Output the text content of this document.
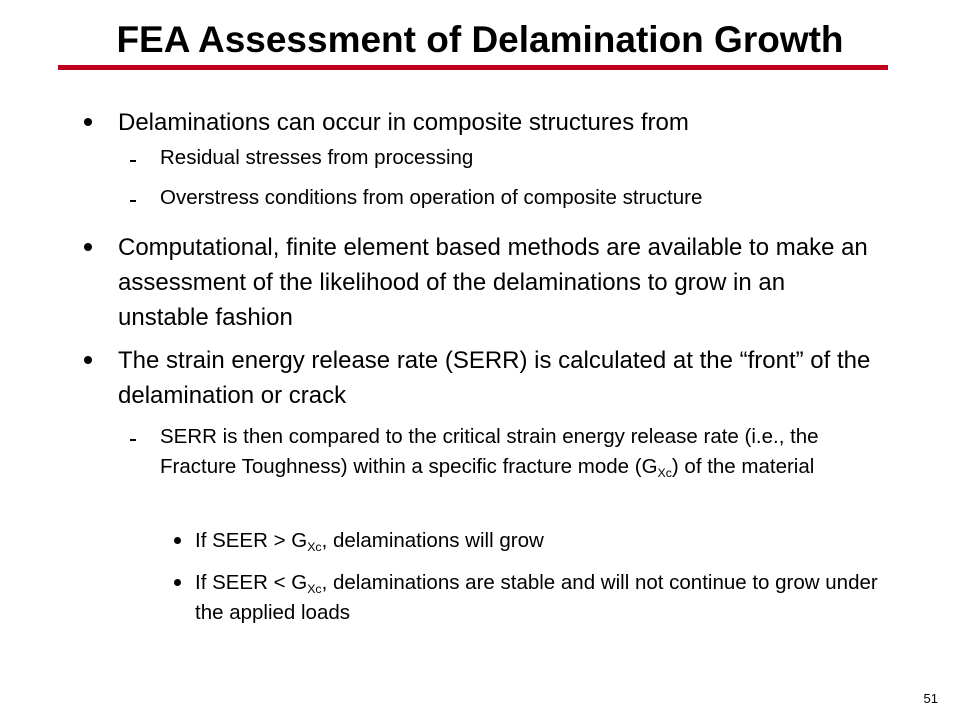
FEA Assessment of Delamination Growth
Delaminations can occur in composite structures from
Residual stresses from processing
Overstress conditions from operation of composite structure
Computational, finite element based methods are available to make an assessment of the likelihood of the delaminations to grow in an unstable fashion
The strain energy release rate (SERR) is calculated at the “front” of the delamination or crack
SERR is then compared to the critical strain energy release rate (i.e., the Fracture Toughness) within a specific fracture mode $(G_{Xc})$ of the material
If SEER > $G_{Xc}$, delaminations will grow
If SEER < $G_{Xc}$, delaminations are stable and will not continue to grow under the applied loads
51
